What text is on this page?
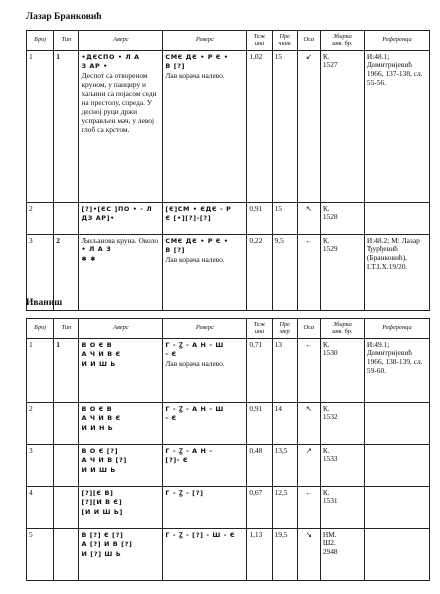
Лазар Бранковић
Број	Тип	Аверс	Реверс	Теж
ина	Пре
чник	Оса	Збирка
инв. бр.	Референца
1	1	•ДЄСПО • Л А
З АР •
Деспот са отвореном круном, у панциру и хаљини са појасом седи на престолу, спреда. У десној руци држи усправљен мач, у левој глоб са крстом.	СМЄ ДЄ • Р Є •
В [?]
Лав корача налево.	1,02	15	↙	К.
1527	И:48.1; Димитријевић 1966, 137-138, сл. 55-56.
2		[?]•[ЄС ]ПО • - Л
ДЗ АР]•	[Є]СМ • ЄДЄ - Р
Є [•][?]-[?]	0,91	15	↖	К.
1528	

3	2	Љиљанова круна. Около
• Л А З
✱ ✱	СМЄ ДЄ • Р Є •
В [?]
Лав корача налево.	0,22	9,5	←	К.
1529	И:48.2; М: Лазар Ђурђевић (Бранковић), I.T.LX.19/20.
Иваниш
Број	Тип	Аверс	Реверс	Теж
ина	Пре
мер	Оса	Збирка
инв. бр.	Референца
1	1	В О Є В
А Ч И В Є
И И Ш Ь	Г - Ꙁ - А Н - Ш
- Є
Лав корача налево.	0,71	13	←	К.
1530	И:49.1; Димитријевић 1966, 138-139, сл. 59-60.
2		В О Є В
А Ч И В Є
И И Н Ь	Г - Ꙁ - А Н - Ш
- Є	0,91	14	↖	К.
1532	

3		В О Є [?]
А Ч И В [?]
И И Ш Ь	Г - Ꙁ - А Н -
[?]- Є	0,48	13,5	↗	К.
1533	

4		[?][Є В]
[?][И В Є]
[И И Ш Ь]	Г - Ꙁ - [?]	0,67	12,5	←	К.
1531	

5		В [?] Є [?]
А [?] И В [?]
И [?] Ш Ь	Г - Ꙁ - [?] - Ш - Є	1,13	19,5	↘	НМ.
Ш2.
2948	
